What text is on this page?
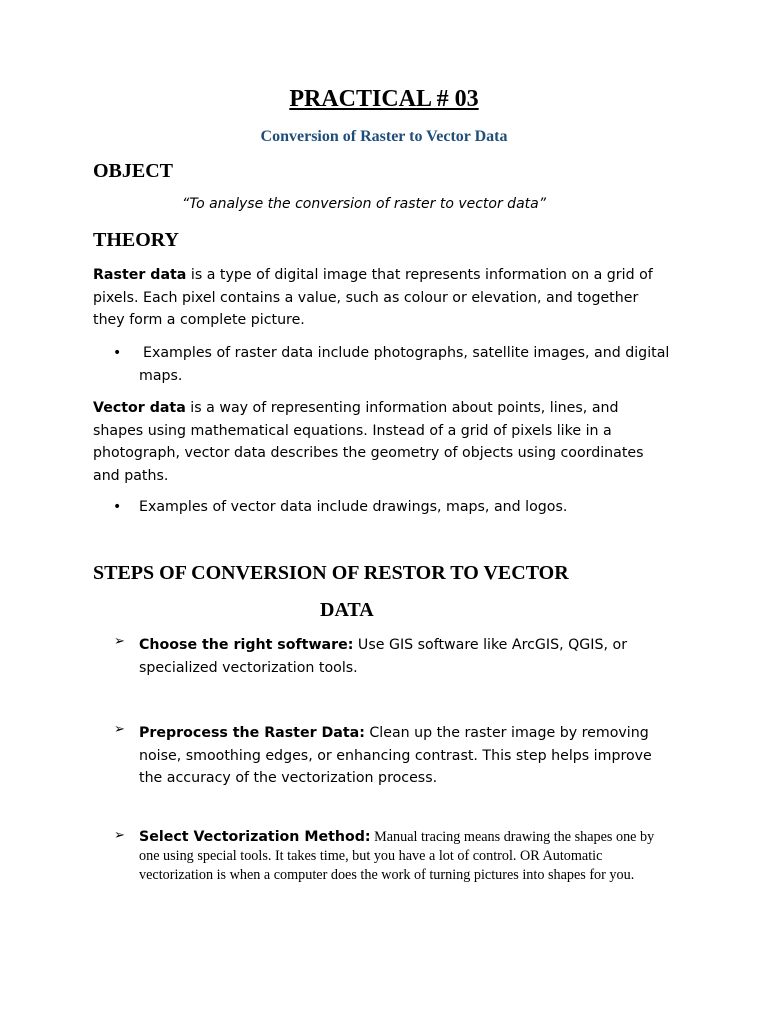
PRACTICAL # 03
Conversion of Raster to Vector Data
OBJECT

“To analyse the conversion of raster to vector data”

THEORY

Raster data is a type of digital image that represents information on a grid of pixels. Each pixel contains a value, such as colour or elevation, and together they form a complete picture.

• Examples of raster data include photographs, satellite images, and digital maps.

Vector data is a way of representing information about points, lines, and shapes using mathematical equations. Instead of a grid of pixels like in a photograph, vector data describes the geometry of objects using coordinates and paths.

• Examples of vector data include drawings, maps, and logos.
STEPS OF CONVERSION OF RESTOR TO VECTOR
DATA
➢ Choose the right software: Use GIS software like ArcGIS, QGIS, or specialized vectorization tools.
➢ Preprocess the Raster Data: Clean up the raster image by removing noise, smoothing edges, or enhancing contrast. This step helps improve the accuracy of the vectorization process.
➢ Select Vectorization Method: Manual tracing means drawing the shapes one by one using special tools. It takes time, but you have a lot of control. OR Automatic vectorization is when a computer does the work of turning pictures into shapes for you.
